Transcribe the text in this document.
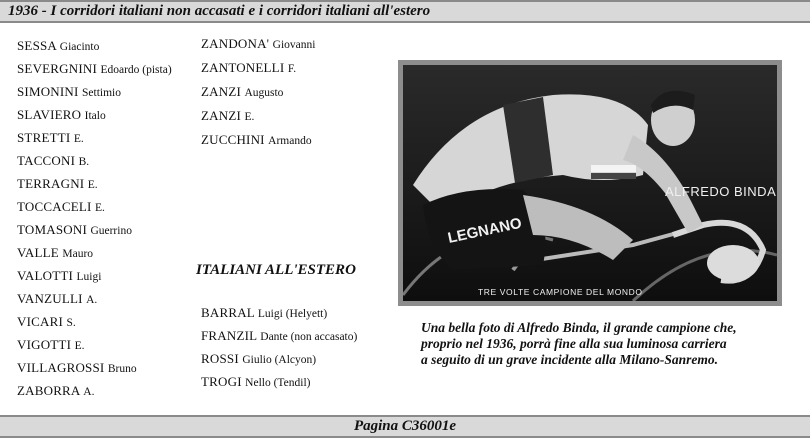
1936 - I corridori italiani non accasati e i corridori italiani all'estero
SESSA Giacinto
SEVERGNINI Edoardo (pista)
SIMONINI Settimio
SLAVIERO Italo
STRETTI E.
TACCONI B.
TERRAGNI E.
TOCCACELI E.
TOMASONI Guerrino
VALLE Mauro
VALOTTI Luigi
VANZULLI A.
VICARI S.
VIGOTTI E.
VILLAGROSSI Bruno
ZABORRA A.
ZANDONA' Giovanni
ZANTONELLI F.
ZANZI Augusto
ZANZI E.
ZUCCHINI Armando
ITALIANI ALL'ESTERO
BARRAL Luigi (Helyett)
FRANZIL Dante (non accasato)
ROSSI Giulio (Alcyon)
TROGI Nello (Tendil)
LEGNANO
ALFREDO BINDA
TRE VOLTE CAMPIONE DEL MONDO
Una bella foto di Alfredo Binda, il grande campione che,
proprio nel 1936, porrà fine alla sua luminosa carriera
a seguito di un grave incidente alla Milano-Sanremo.
Pagina C36001e
